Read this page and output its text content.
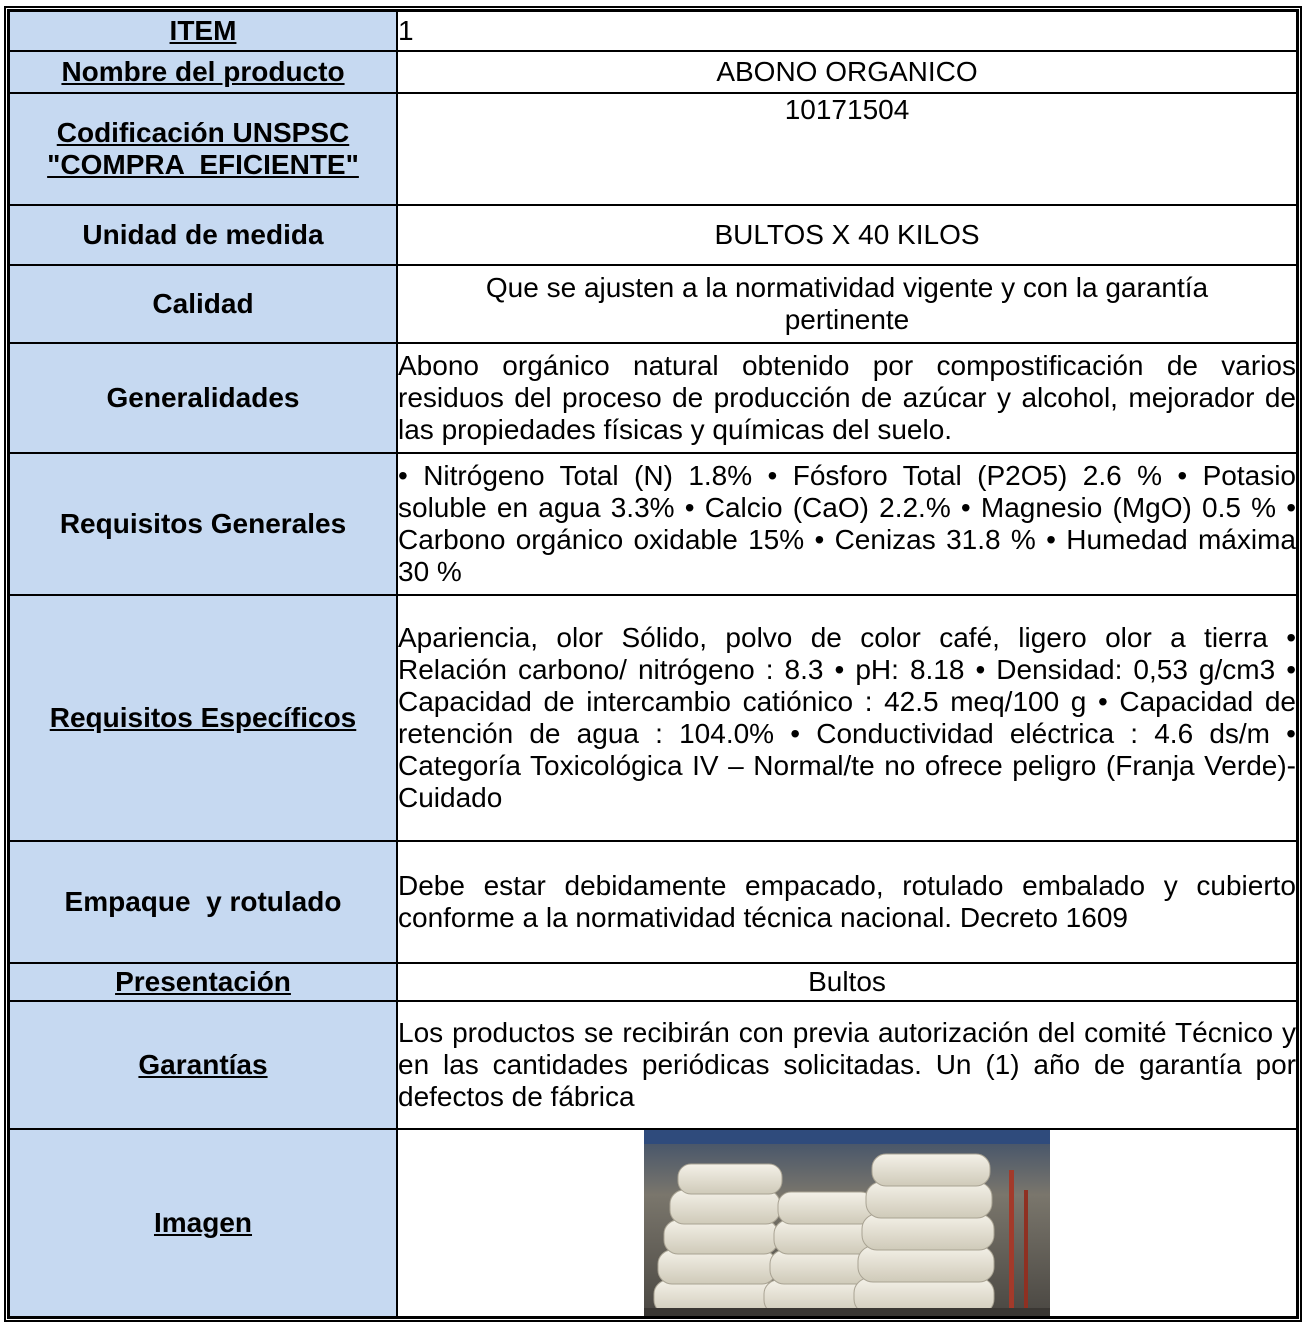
ITEM	1
Nombre del producto	ABONO ORGANICO
Codificación UNSPSC
"COMPRA  EFICIENTE"	10171504
Unidad de medida	BULTOS X 40 KILOS
Calidad	Que se ajusten a la normatividad vigente y con la garantía pertinente
Generalidades	Abono orgánico natural obtenido por compostificación de varios residuos del proceso de producción de azúcar y alcohol, mejorador de las propiedades físicas y químicas del suelo.
Requisitos Generales	• Nitrógeno Total (N) 1.8% • Fósforo Total (P2O5) 2.6 % • Potasio soluble en agua 3.3% • Calcio (CaO) 2.2.% • Magnesio (MgO) 0.5 % • Carbono orgánico oxidable 15% • Cenizas 31.8 % • Humedad máxima 30 %
Requisitos Específicos	Apariencia, olor Sólido, polvo de color café, ligero olor a tierra • Relación carbono/ nitrógeno : 8.3 • pH: 8.18 • Densidad: 0,53 g/cm3 • Capacidad de intercambio catiónico : 42.5 meq/100 g • Capacidad de retención de agua : 104.0% • Conductividad eléctrica : 4.6 ds/m • Categoría Toxicológica IV – Normal/te no ofrece peligro (Franja Verde)- Cuidado
Empaque  y rotulado	Debe estar debidamente empacado, rotulado embalado y cubierto conforme a la normatividad técnica nacional. Decreto 1609
Presentación	Bultos
Garantías	Los productos se recibirán con previa autorización del comité Técnico y en las cantidades periódicas solicitadas. Un (1) año de garantía por defectos de fábrica
Imagen	
